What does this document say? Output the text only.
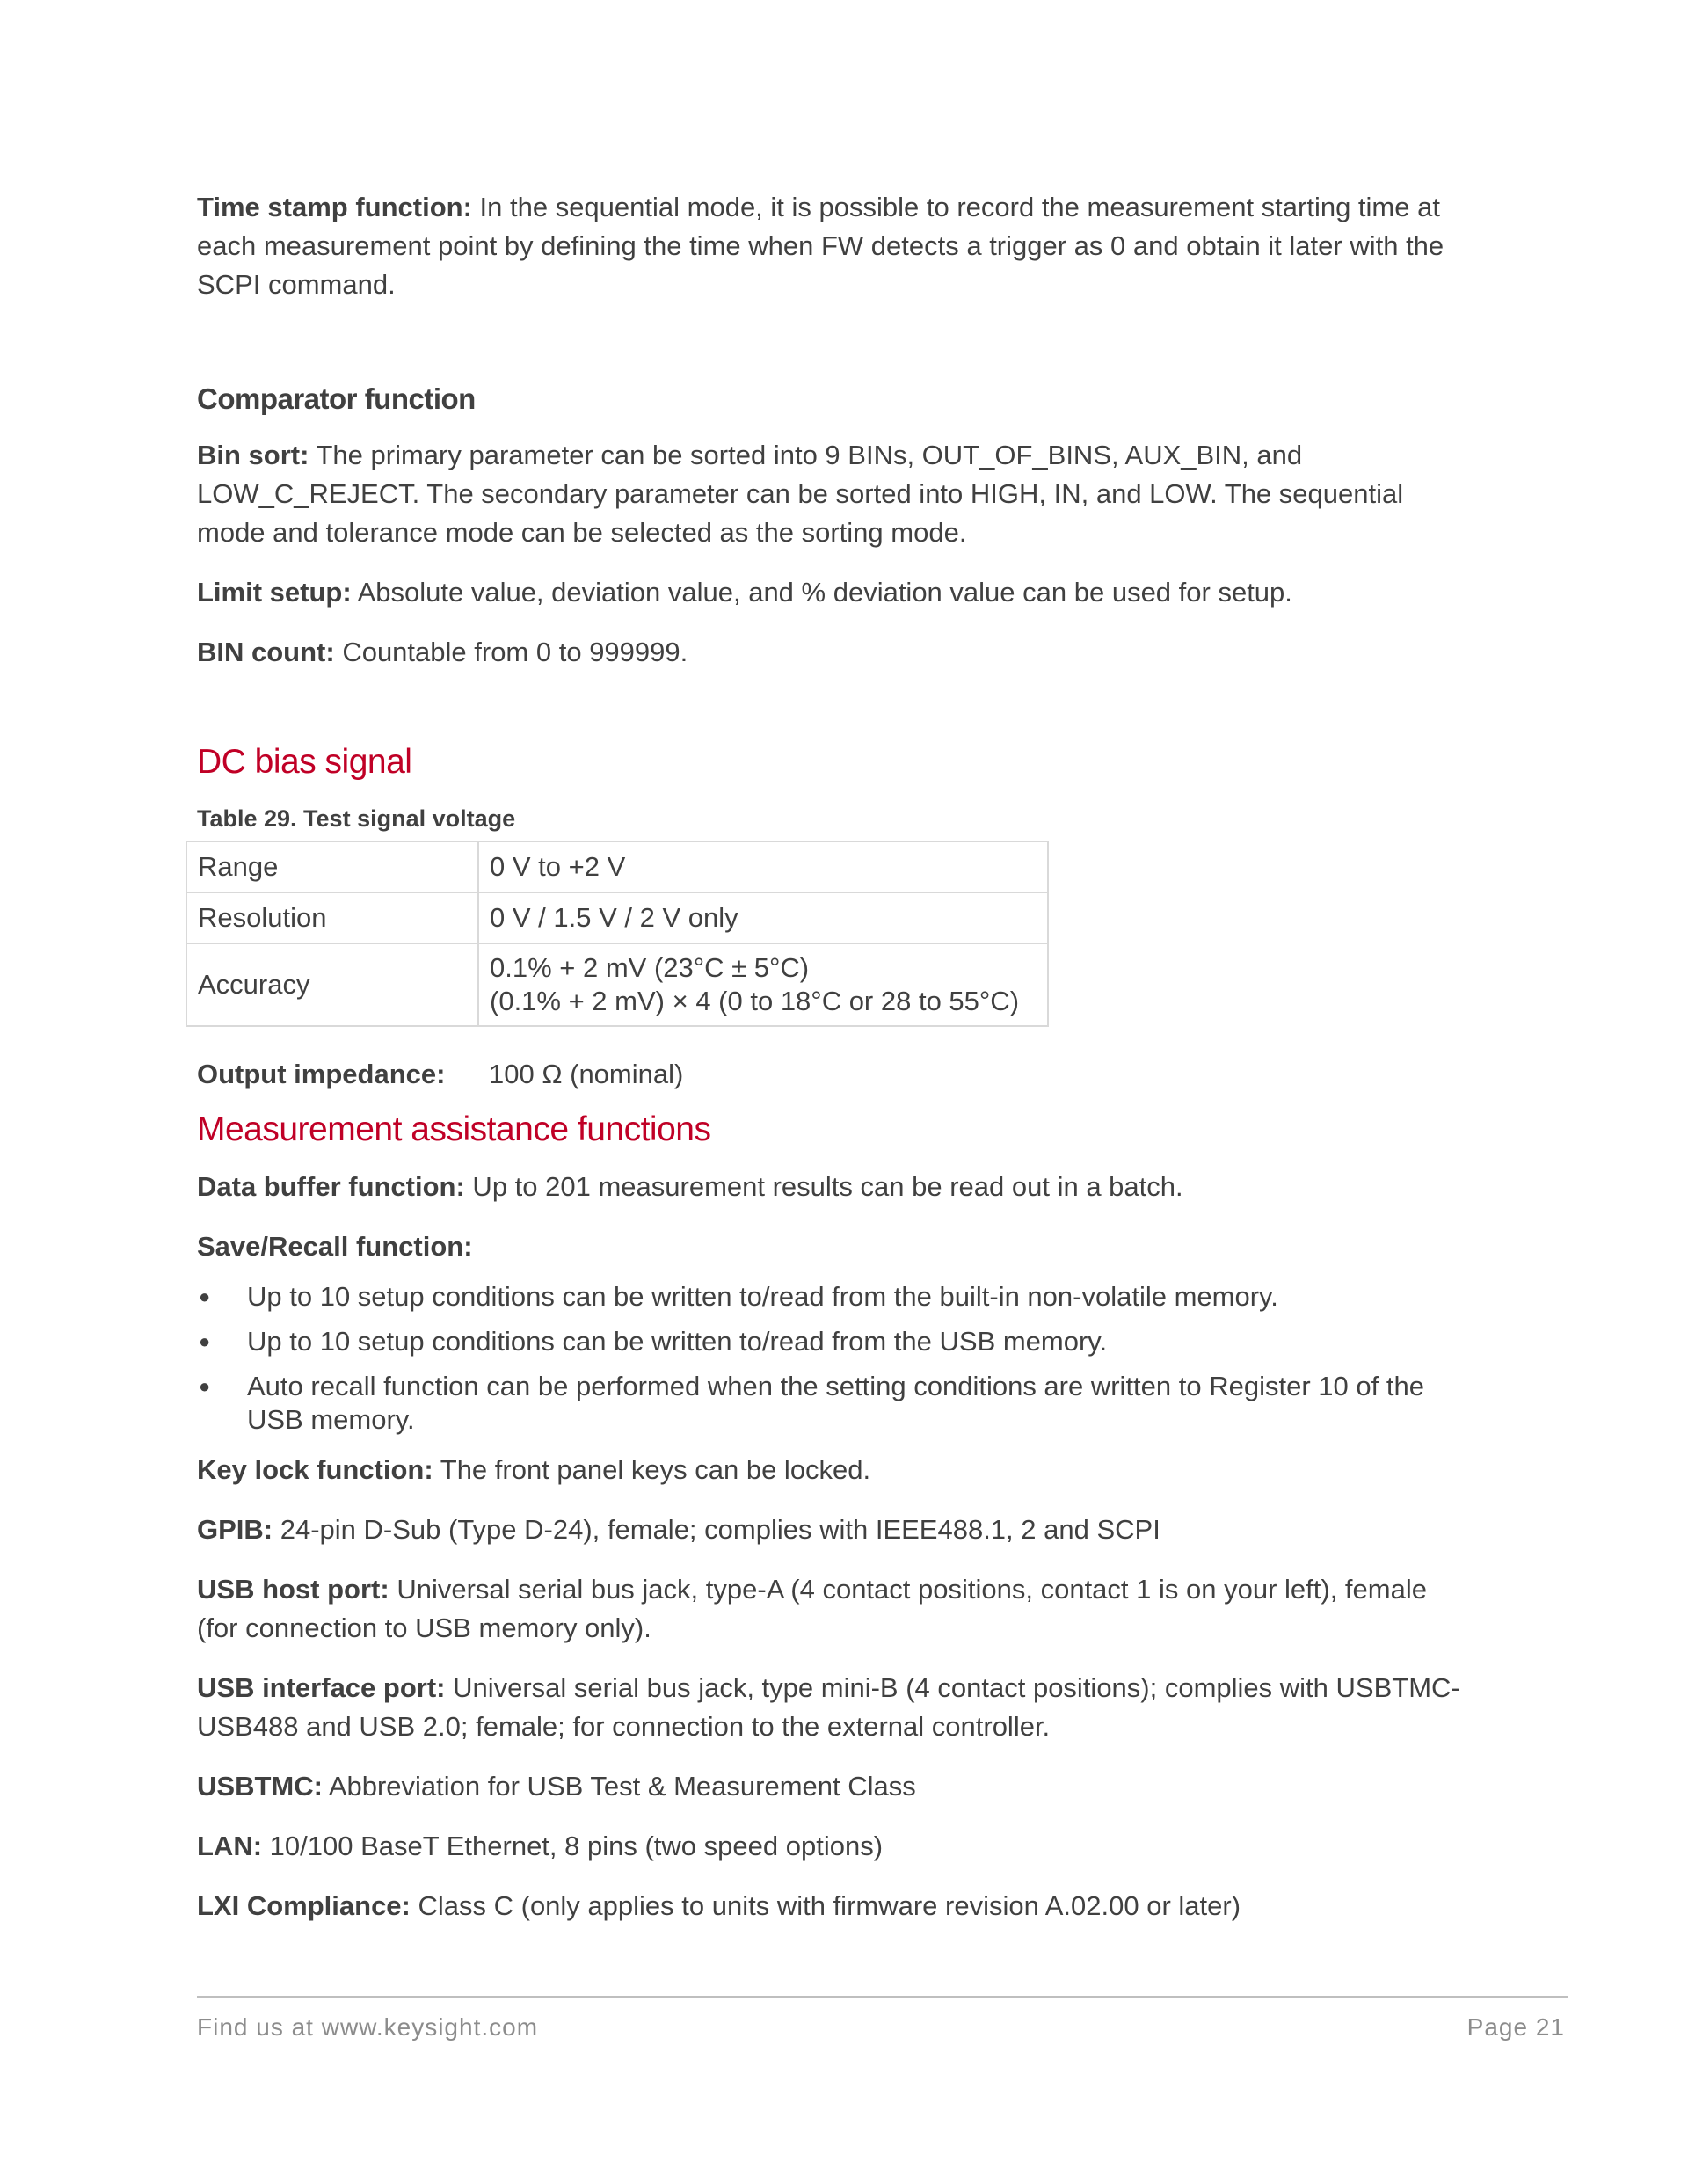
Time stamp function: In the sequential mode, it is possible to record the measurement starting time at each measurement point by defining the time when FW detects a trigger as 0 and obtain it later with the SCPI command.

Comparator function

Bin sort: The primary parameter can be sorted into 9 BINs, OUT_OF_BINS, AUX_BIN, and LOW_C_REJECT. The secondary parameter can be sorted into HIGH, IN, and LOW. The sequential mode and tolerance mode can be selected as the sorting mode.

Limit setup: Absolute value, deviation value, and % deviation value can be used for setup.

BIN count: Countable from 0 to 999999.

DC bias signal

Table 29. Test signal voltage

Range	0 V to +2 V
Resolution	0 V / 1.5 V / 2 V only
Accuracy	0.1% + 2 mV (23°C ± 5°C)
(0.1% + 2 mV) × 4 (0 to 18°C or 28 to 55°C)
Output impedance:	100 Ω (nominal)
Measurement assistance functions

Data buffer function: Up to 201 measurement results can be read out in a batch.

Save/Recall function:

● Up to 10 setup conditions can be written to/read from the built-in non-volatile memory.
● Up to 10 setup conditions can be written to/read from the USB memory.
● Auto recall function can be performed when the setting conditions are written to Register 10 of the USB memory.

Key lock function: The front panel keys can be locked.

GPIB: 24-pin D-Sub (Type D-24), female; complies with IEEE488.1, 2 and SCPI

USB host port: Universal serial bus jack, type-A (4 contact positions, contact 1 is on your left), female (for connection to USB memory only).

USB interface port: Universal serial bus jack, type mini-B (4 contact positions); complies with USBTMC-USB488 and USB 2.0; female; for connection to the external controller.

USBTMC: Abbreviation for USB Test & Measurement Class

LAN: 10/100 BaseT Ethernet, 8 pins (two speed options)

LXI Compliance: Class C (only applies to units with firmware revision A.02.00 or later)

Find us at www.keysight.com	Page 21
